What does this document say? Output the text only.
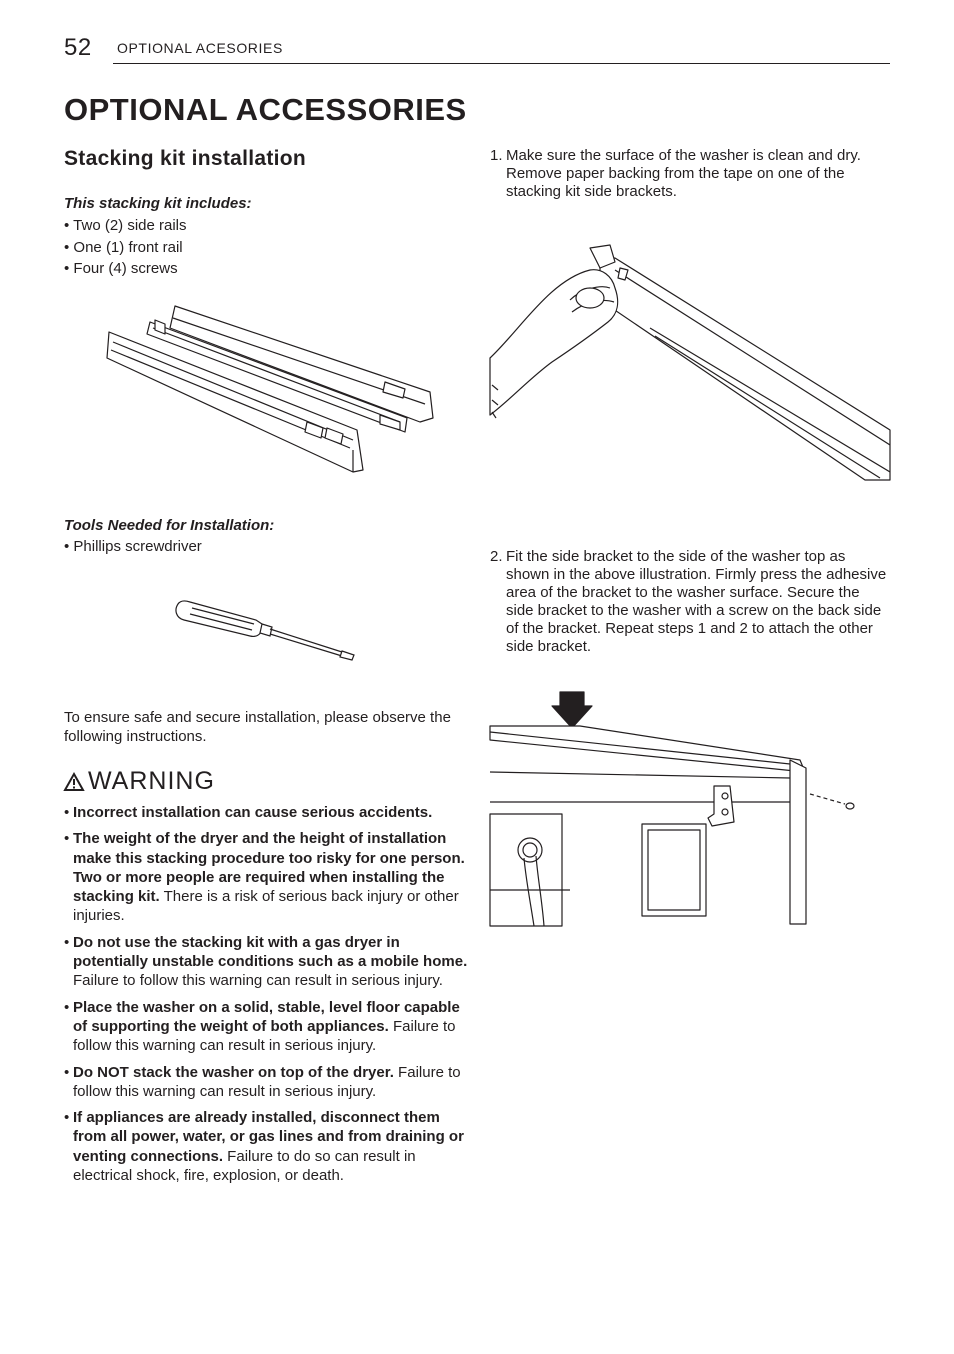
52 OPTIONAL ACESORIES
OPTIONAL ACCESSORIES
Stacking kit installation
This stacking kit includes:
• Two (2) side rails
• One (1) front rail
• Four (4) screws
Tools Needed for Installation:
• Phillips screwdriver
To ensure safe and secure installation, please observe the following instructions.
WARNING
• Incorrect installation can cause serious accidents.
• The weight of the dryer and the height of installation make this stacking procedure too risky for one person. Two or more people are required when installing the stacking kit. There is a risk of serious back injury or other injuries.
• Do not use the stacking kit with a gas dryer in potentially unstable conditions such as a mobile home. Failure to follow this warning can result in serious injury.
• Place the washer on a solid, stable, level floor capable of supporting the weight of both appliances. Failure to follow this warning can result in serious injury.
• Do NOT stack the washer on top of the dryer. Failure to follow this warning can result in serious injury.
• If appliances are already installed, disconnect them from all power, water, or gas lines and from draining or venting connections. Failure to do so can result in electrical shock, fire, explosion, or death.
1. Make sure the surface of the washer is clean and dry. Remove paper backing from the tape on one of the stacking kit side brackets.
2. Fit the side bracket to the side of the washer top as shown in the above illustration. Firmly press the adhesive area of the bracket to the washer surface. Secure the side bracket to the washer with a screw on the back side of the bracket. Repeat steps 1 and 2 to attach the other side bracket.
